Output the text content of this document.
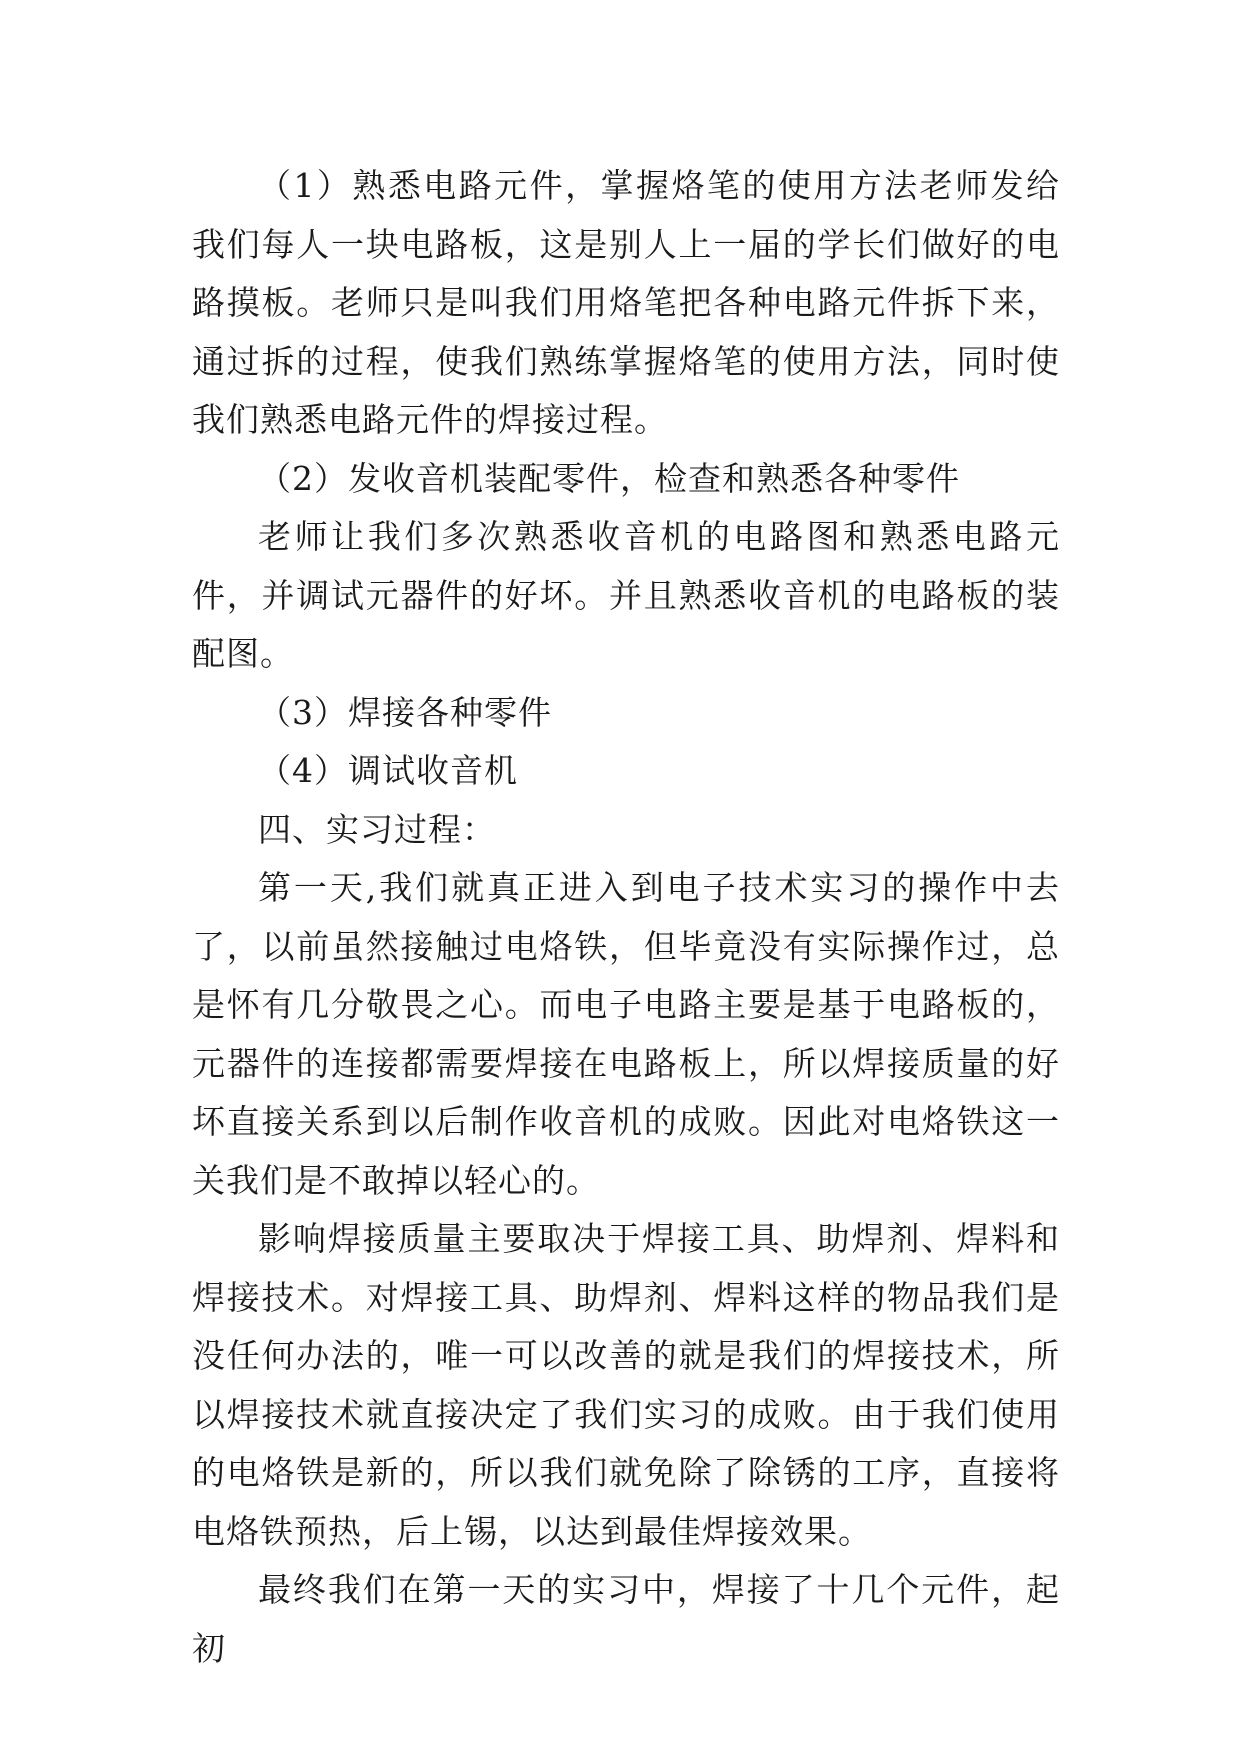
（1）熟悉电路元件，掌握烙笔的使用方法老师发给我们每人一块电路板，这是别人上一届的学长们做好的电路摸板。老师只是叫我们用烙笔把各种电路元件拆下来，通过拆的过程，使我们熟练掌握烙笔的使用方法，同时使我们熟悉电路元件的焊接过程。

（2）发收音机装配零件，检查和熟悉各种零件

老师让我们多次熟悉收音机的电路图和熟悉电路元件，并调试元器件的好坏。并且熟悉收音机的电路板的装配图。

（3）焊接各种零件

（4）调试收音机

四、实习过程：

第一天,我们就真正进入到电子技术实习的操作中去了，以前虽然接触过电烙铁，但毕竟没有实际操作过，总是怀有几分敬畏之心。而电子电路主要是基于电路板的，元器件的连接都需要焊接在电路板上，所以焊接质量的好坏直接关系到以后制作收音机的成败。因此对电烙铁这一关我们是不敢掉以轻心的。

影响焊接质量主要取决于焊接工具、助焊剂、焊料和焊接技术。对焊接工具、助焊剂、焊料这样的物品我们是没任何办法的，唯一可以改善的就是我们的焊接技术，所以焊接技术就直接决定了我们实习的成败。由于我们使用的电烙铁是新的，所以我们就免除了除锈的工序，直接将电烙铁预热，后上锡，以达到最佳焊接效果。

最终我们在第一天的实习中，焊接了十几个元件，起初
